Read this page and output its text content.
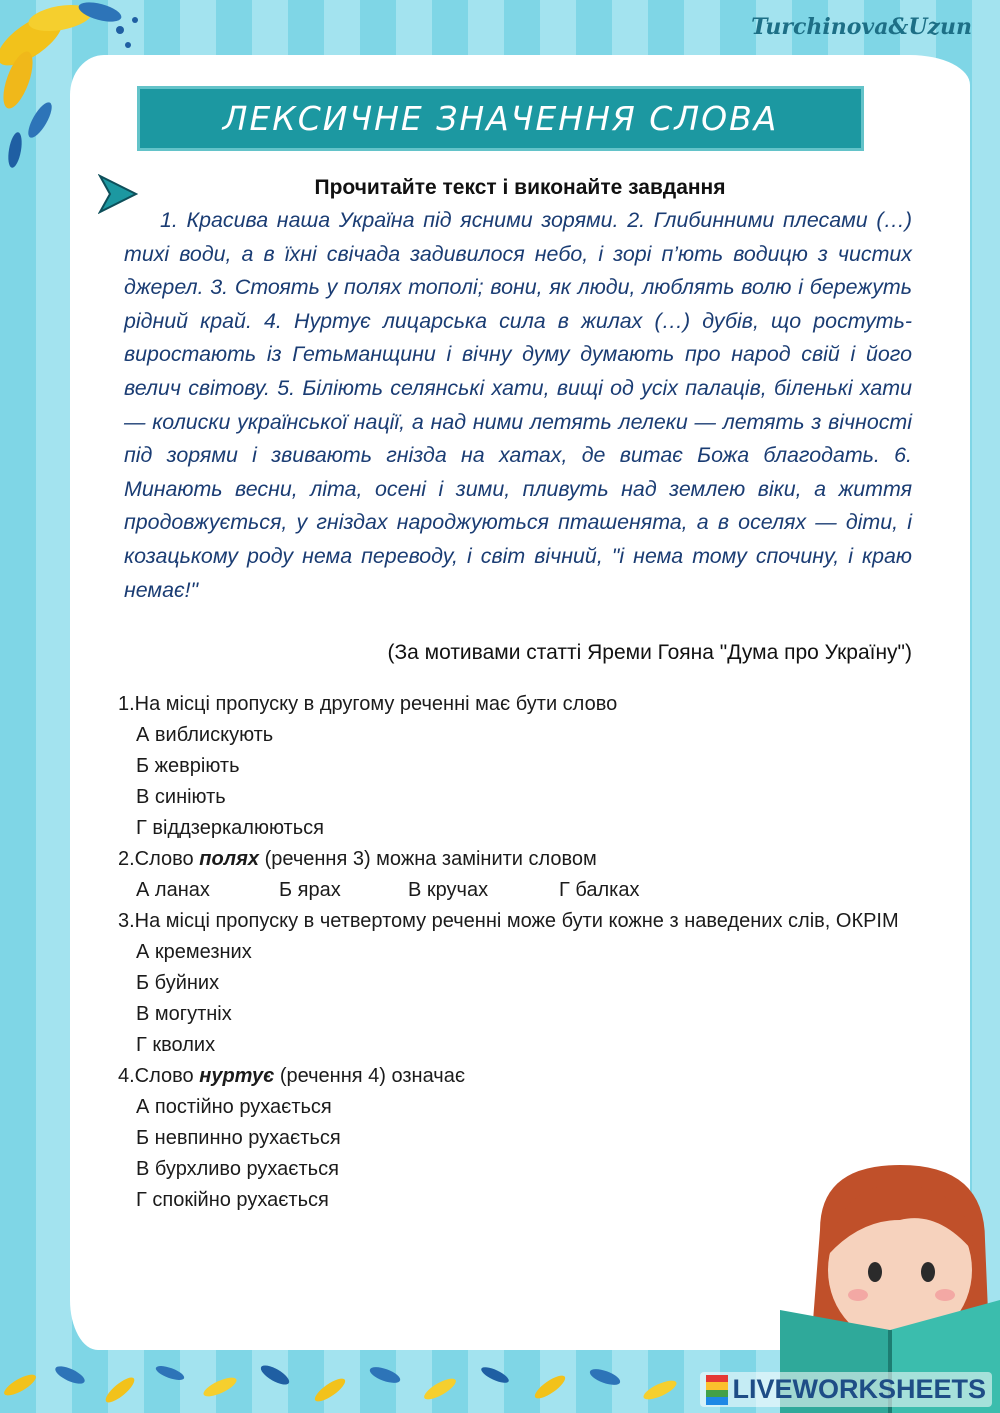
Turchinova&Uzun
ЛЕКСИЧНЕ ЗНАЧЕННЯ СЛОВА
Прочитайте текст і виконайте завдання

1. Красива наша Україна під ясними зорями. 2. Глибинними плесами (…) тихі води, а в їхні свічада задивилося небо, і зорі п’ють водицю з чистих джерел. 3. Стоять у полях тополі; вони, як люди, люблять волю і бережуть рідний край. 4. Нуртує лицарська сила в жилах (…) дубів, що ростуть-виростають із Гетьманщини і вічну думу думають про народ свій і його велич світову. 5. Біліють селянські хати, вищі од усіх палаців, біленькі хати — колиски української нації, а над ними летять лелеки — летять з вічності під зорями і звивають гнізда на хатах, де витає Божа благодать. 6. Минають весни, літа, осені і зими, пливуть над землею віки, а життя продовжується, у гніздах народжуються пташенята, а в оселях — діти, і козацькому роду нема переводу, і світ вічний, "і нема тому спочину, і краю немає!"

(За мотивами статті Яреми Гояна "Дума про Україну")
1.На місці пропуску в другому реченні має бути слово
А виблискують
Б жевріють
В синіють
Г віддзеркалюються
2.Слово полях (речення 3) можна замінити словом
А ланах	Б ярах	В кручах	Г балках
3.На місці пропуску в четвертому реченні може бути кожне з наведених слів, ОКРІМ
А кремезних
Б буйних
В могутніх
Г кволих
4.Слово нуртує (речення 4) означає
А постійно рухається
Б невпинно рухається
В бурхливо рухається
Г спокійно рухається
LIVEWORKSHEETS
